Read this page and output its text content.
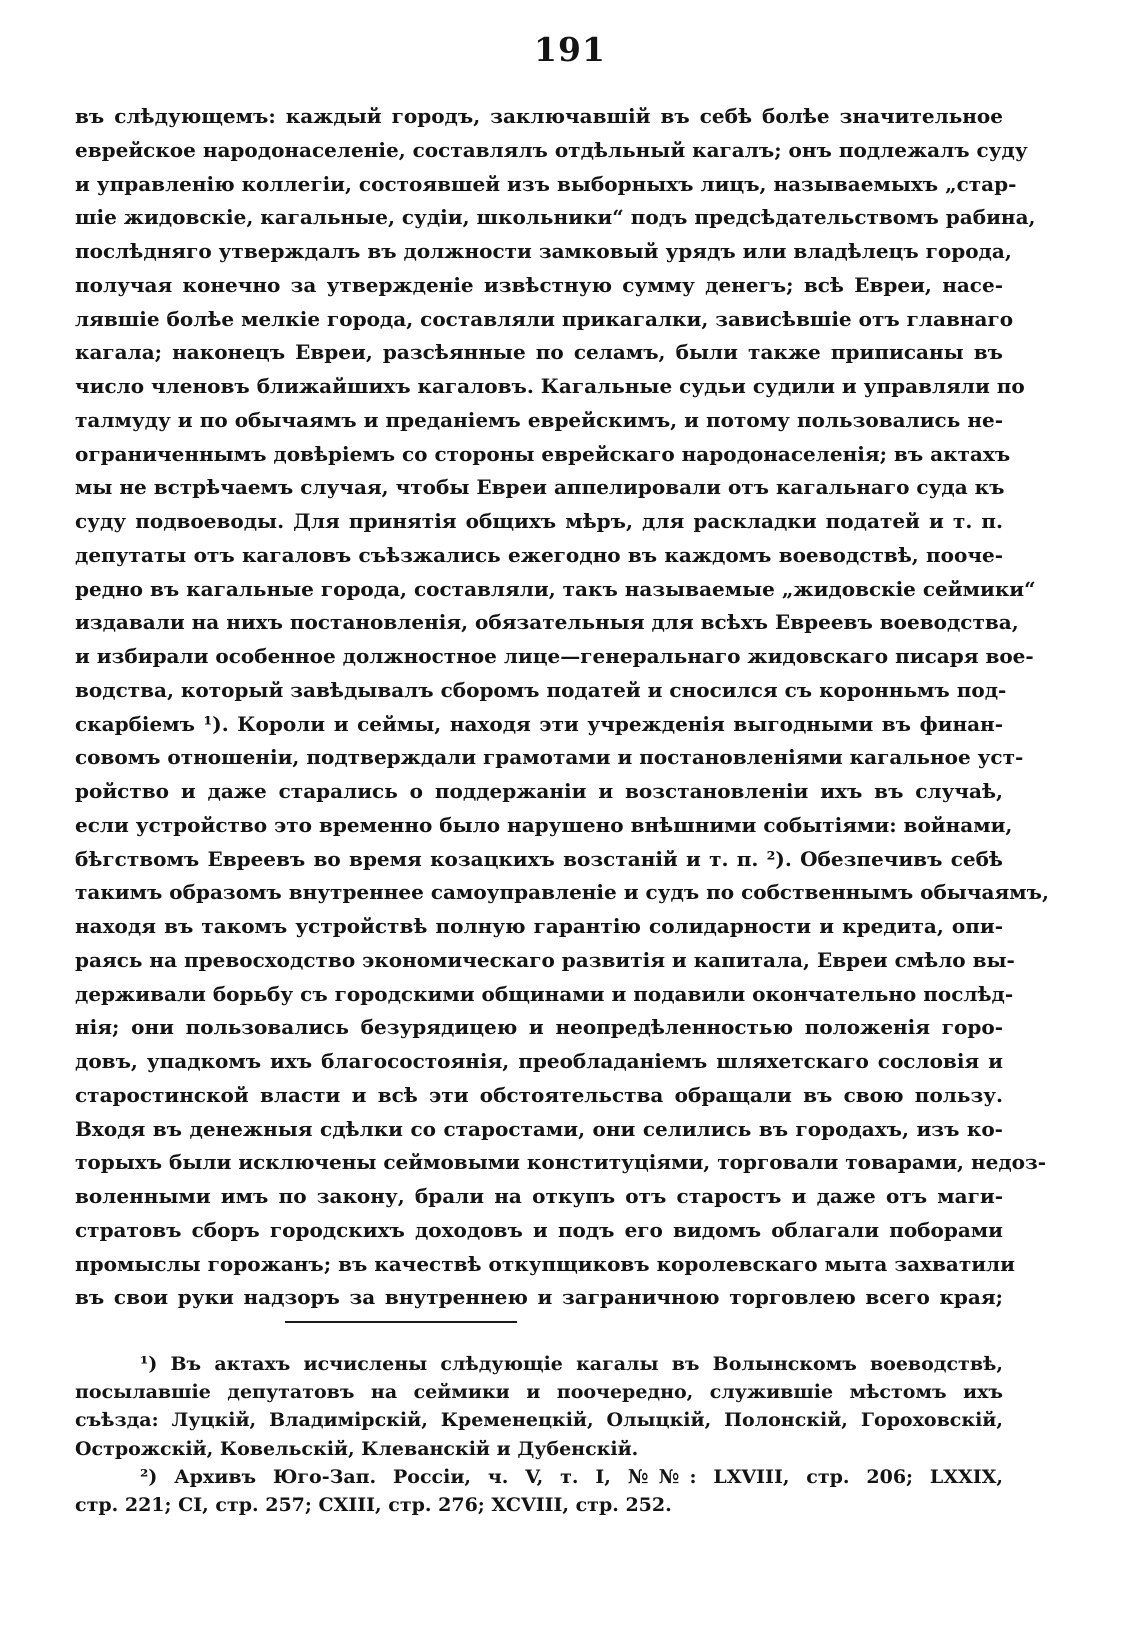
191
въ слѣдующемъ: каждый городъ, заключавшій въ себѣ болѣе значительное
еврейское народонаселеніе, составлялъ отдѣльный кагалъ; онъ подлежалъ суду
и управленію коллегіи, состоявшей изъ выборныхъ лицъ, называемыхъ „стар-
шіе жидовскіе, кагальные, судіи, школьники“ подъ предсѣдательствомъ рабина,
послѣдняго утверждалъ въ должности замковый урядъ или владѣлецъ города,
получая конечно за утвержденіе извѣстную сумму денегъ; всѣ Евреи, насе-
лявшіе болѣе мелкіе города, составляли прикагалки, зависѣвшіе отъ главнаго
кагала; наконецъ Евреи, разсѣянные по селамъ, были также приписаны въ
число членовъ ближайшихъ кагаловъ. Кагальные судьи судили и управляли по
талмуду и по обычаямъ и преданіемъ еврейскимъ, и потому пользовались не-
ограниченнымъ довѣріемъ со стороны еврейскаго народонаселенія; въ актахъ
мы не встрѣчаемъ случая, чтобы Евреи аппелировали отъ кагальнаго суда къ
суду подвоеводы. Для принятія общихъ мѣръ, для раскладки податей и т. п.
депутаты отъ кагаловъ съѣзжались ежегодно въ каждомъ воеводствѣ, пооче-
редно въ кагальные города, составляли, такъ называемые „жидовскіе сеймики“
издавали на нихъ постановленія, обязательныя для всѣхъ Евреевъ воеводства,
и избирали особенное должностное лице—генеральнаго жидовскаго писаря вое-
водства, который завѣдывалъ сборомъ податей и сносился съ коронньмъ под-
скарбіемъ ¹). Короли и сеймы, находя эти учрежденія выгодными въ финан-
совомъ отношеніи, подтверждали грамотами и постановленіями кагальное уст-
ройство и даже старались о поддержаніи и возстановленіи ихъ въ случаѣ,
если устройство это временно было нарушено внѣшними событіями: войнами,
бѣгствомъ Евреевъ во время козацкихъ возстаній и т. п. ²). Обезпечивъ себѣ
такимъ образомъ внутреннее самоуправленіе и судъ по собственнымъ обычаямъ,
находя въ такомъ устройствѣ полную гарантію солидарности и кредита, опи-
раясь на превосходство экономическаго развитія и капитала, Евреи смѣло вы-
держивали борьбу съ городскими общинами и подавили окончательно послѣд-
нія; они пользовались безурядицею и неопредѣленностью положенія горо-
довъ, упадкомъ ихъ благосостоянія, преобладаніемъ шляхетскаго сословія и
старостинской власти и всѣ эти обстоятельства обращали въ свою пользу.
Входя въ денежныя сдѣлки со старостами, они селились въ городахъ, изъ ко-
торыхъ были исключены сеймовыми конституціями, торговали товарами, недоз-
воленными имъ по закону, брали на откупъ отъ старостъ и даже отъ маги-
стратовъ сборъ городскихъ доходовъ и подъ его видомъ облагали поборами
промыслы горожанъ; въ качествѣ откупщиковъ королевскаго мыта захватили
въ свои руки надзоръ за внутреннею и заграничною торговлею всего края;
¹) Въ актахъ исчислены слѣдующіе кагалы въ Волынскомъ воеводствѣ,
посылавшіе депутатовъ на сеймики и поочередно, служившіе мѣстомъ ихъ
съѣзда: Луцкій, Владимірскій, Кременецкій, Олыцкій, Полонскій, Гороховскій,
Острожскій, Ковельскій, Клеванскій и Дубенскій.
²) Архивъ Юго-Зап. Россіи, ч. V, т. I, №№: LXVIII, стр. 206; LXXIX,
стр. 221; CI, стр. 257; CXIII, стр. 276; XCVIII, стр. 252.
